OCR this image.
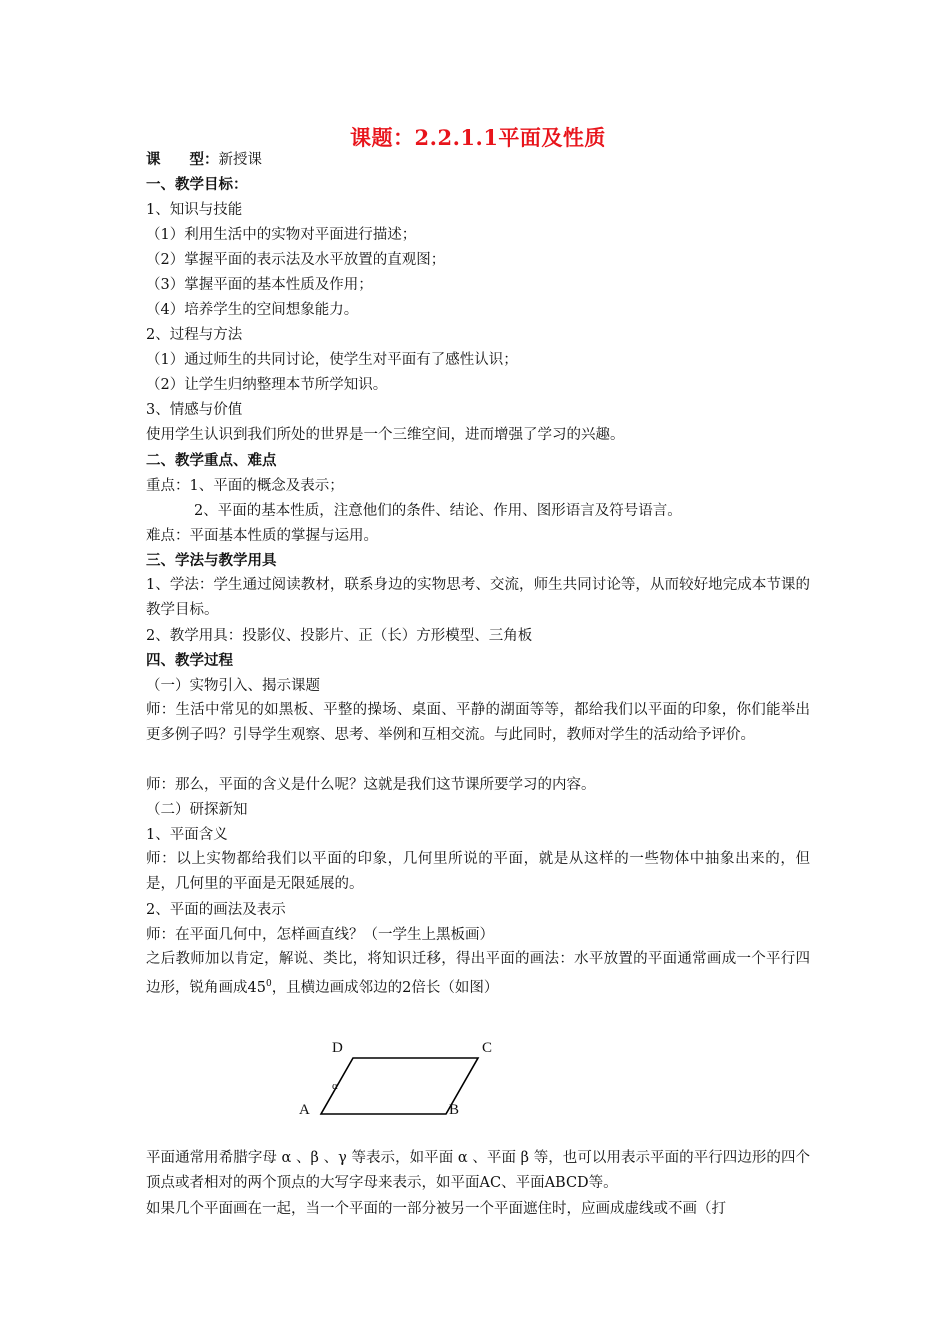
课题：2.2.1.1平面及性质
课　　型：新授课
一、教学目标：
1、知识与技能
（1）利用生活中的实物对平面进行描述；
（2）掌握平面的表示法及水平放置的直观图；
（3）掌握平面的基本性质及作用；
（4）培养学生的空间想象能力。
2、过程与方法
（1）通过师生的共同讨论，使学生对平面有了感性认识；
（2）让学生归纳整理本节所学知识。
3、情感与价值
使用学生认识到我们所处的世界是一个三维空间，进而增强了学习的兴趣。
二、教学重点、难点
重点：1、平面的概念及表示；
2、平面的基本性质，注意他们的条件、结论、作用、图形语言及符号语言。
难点：平面基本性质的掌握与运用。
三、学法与教学用具
1、学法：学生通过阅读教材，联系身边的实物思考、交流，师生共同讨论等，从而较好地完成本节课的教学目标。
2、教学用具：投影仪、投影片、正（长）方形模型、三角板
四、教学过程
（一）实物引入、揭示课题
师：生活中常见的如黑板、平整的操场、桌面、平静的湖面等等，都给我们以平面的印象，你们能举出更多例子吗？引导学生观察、思考、举例和互相交流。与此同时，教师对学生的活动给予评价。
师：那么，平面的含义是什么呢？这就是我们这节课所要学习的内容。
（二）研探新知
1、平面含义
师：以上实物都给我们以平面的印象，几何里所说的平面，就是从这样的一些物体中抽象出来的，但是，几何里的平面是无限延展的。
2、平面的画法及表示
师：在平面几何中，怎样画直线？（一学生上黑板画）
之后教师加以肯定，解说、类比，将知识迁移，得出平面的画法：水平放置的平面通常画成一个平行四边形，锐角画成$45^0$，且横边画成邻边的2倍长（如图）
平面通常用希腊字母 α 、β 、γ 等表示，如平面 α 、平面 β 等，也可以用表示平面的平行四边形的四个顶点或者相对的两个顶点的大写字母来表示，如平面AC、平面ABCD等。
如果几个平面画在一起，当一个平面的一部分被另一个平面遮住时，应画成虚线或不画（打
D	C
A	B
α
